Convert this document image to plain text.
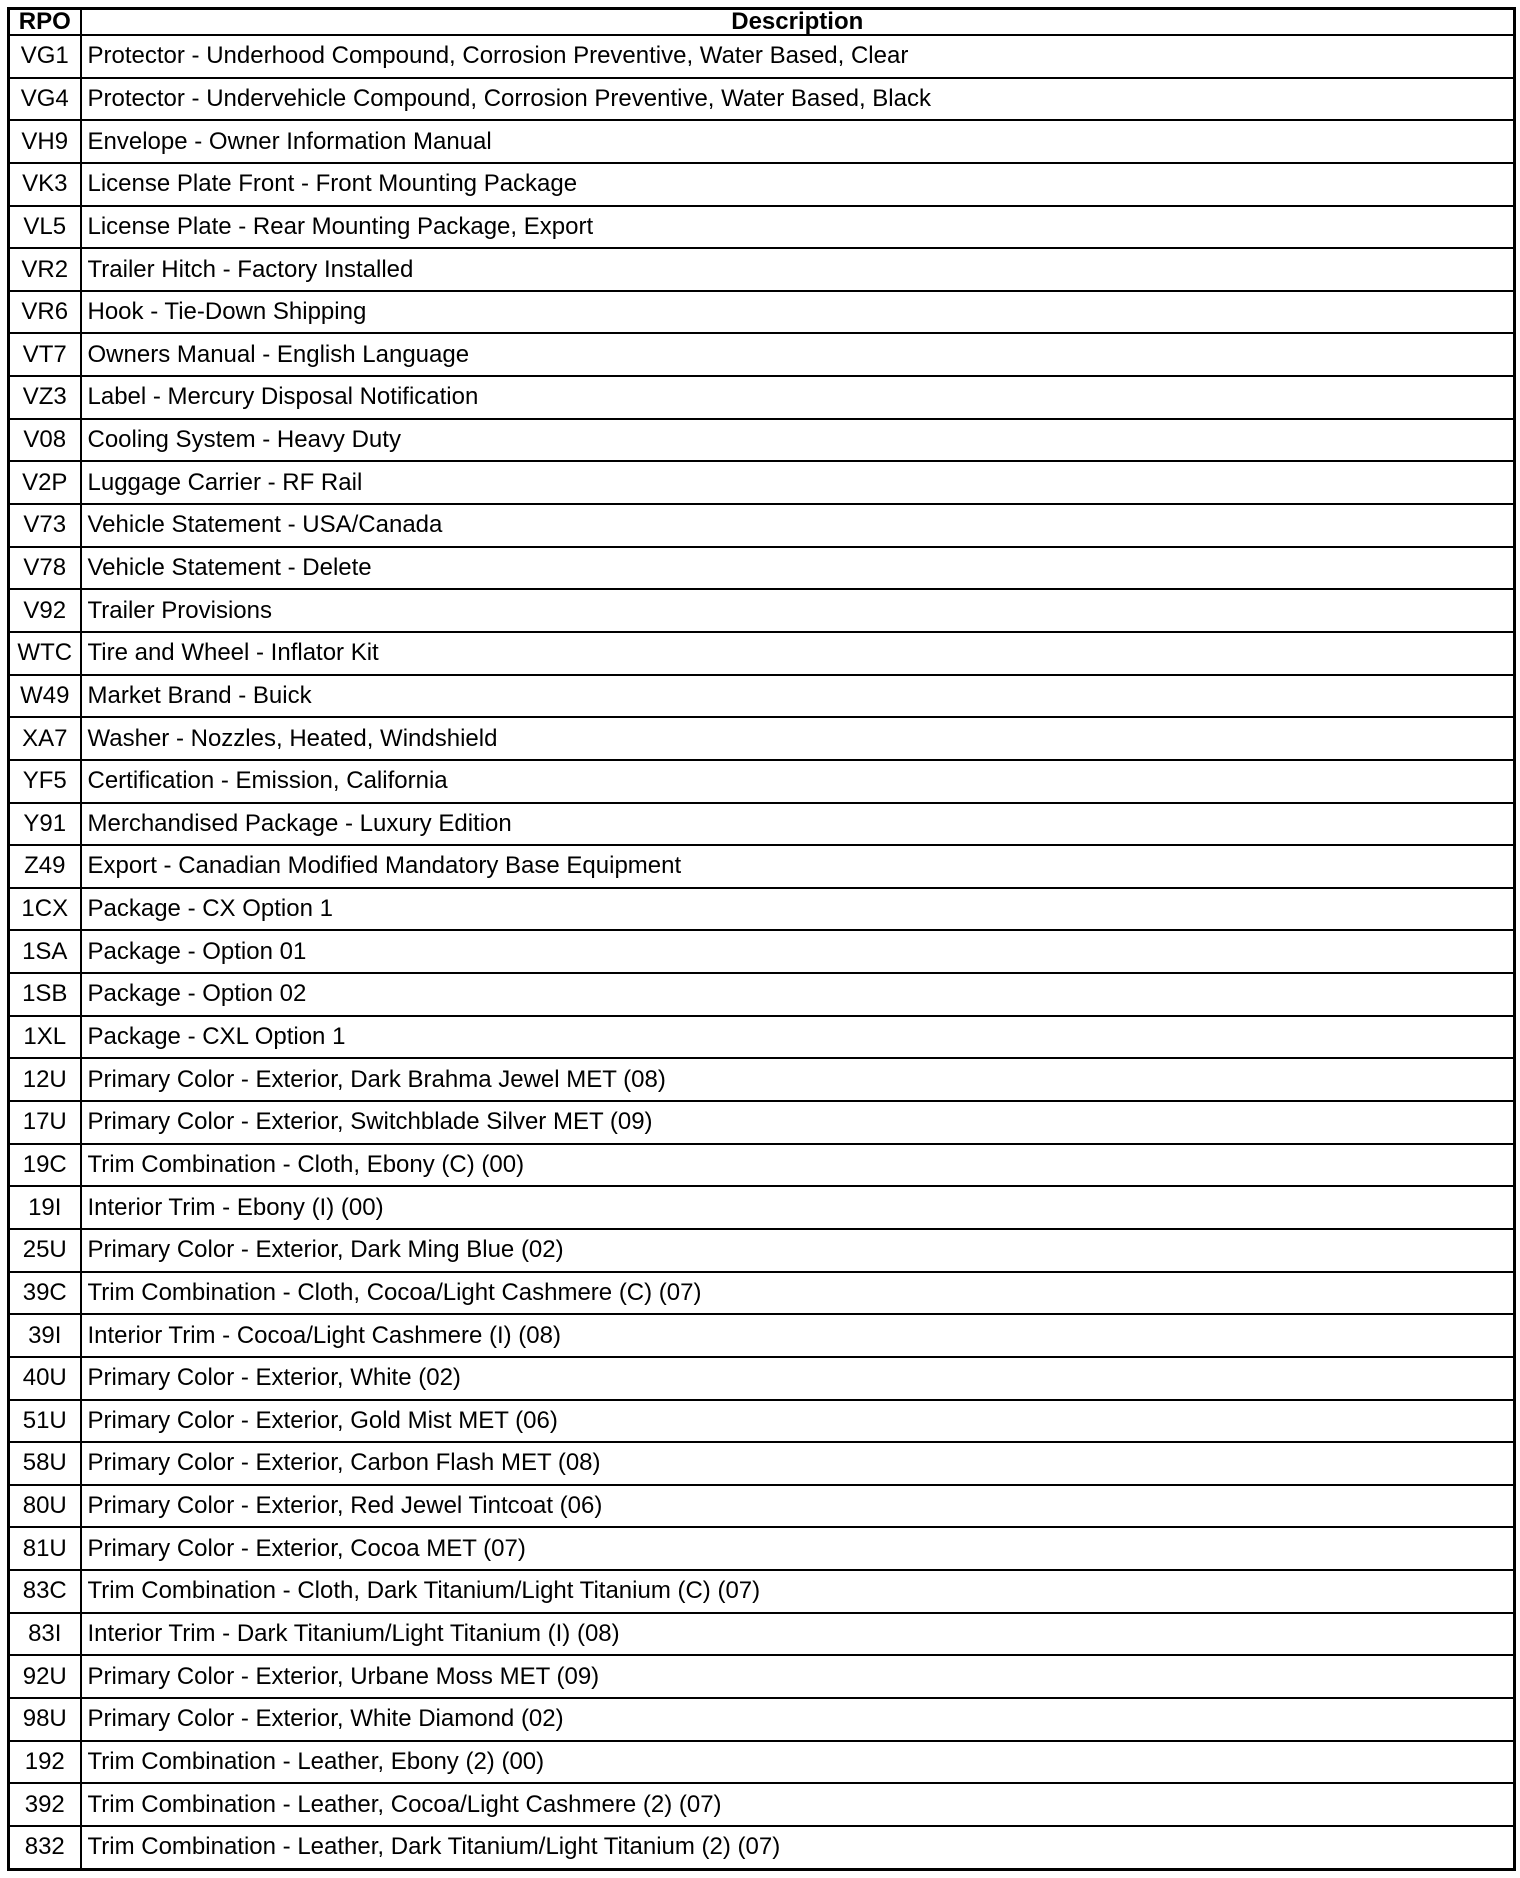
RPO	Description
VG1	Protector - Underhood Compound, Corrosion Preventive, Water Based, Clear
VG4	Protector - Undervehicle Compound, Corrosion Preventive, Water Based, Black
VH9	Envelope - Owner Information Manual
VK3	License Plate Front - Front Mounting Package
VL5	License Plate - Rear Mounting Package, Export
VR2	Trailer Hitch - Factory Installed
VR6	Hook - Tie-Down Shipping
VT7	Owners Manual - English Language
VZ3	Label - Mercury Disposal Notification
V08	Cooling System - Heavy Duty
V2P	Luggage Carrier - RF Rail
V73	Vehicle Statement - USA/Canada
V78	Vehicle Statement - Delete
V92	Trailer Provisions
WTC	Tire and Wheel - Inflator Kit
W49	Market Brand - Buick
XA7	Washer - Nozzles, Heated, Windshield
YF5	Certification - Emission, California
Y91	Merchandised Package - Luxury Edition
Z49	Export - Canadian Modified Mandatory Base Equipment
1CX	Package - CX Option 1
1SA	Package - Option 01
1SB	Package - Option 02
1XL	Package - CXL Option 1
12U	Primary Color - Exterior, Dark Brahma Jewel MET (08)
17U	Primary Color - Exterior, Switchblade Silver MET (09)
19C	Trim Combination - Cloth, Ebony (C) (00)
19I	Interior Trim - Ebony (I) (00)
25U	Primary Color - Exterior, Dark Ming Blue (02)
39C	Trim Combination - Cloth, Cocoa/Light Cashmere (C) (07)
39I	Interior Trim - Cocoa/Light Cashmere (I) (08)
40U	Primary Color - Exterior, White (02)
51U	Primary Color - Exterior, Gold Mist MET (06)
58U	Primary Color - Exterior, Carbon Flash MET (08)
80U	Primary Color - Exterior, Red Jewel Tintcoat (06)
81U	Primary Color - Exterior, Cocoa MET (07)
83C	Trim Combination - Cloth, Dark Titanium/Light Titanium (C) (07)
83I	Interior Trim - Dark Titanium/Light Titanium (I) (08)
92U	Primary Color - Exterior, Urbane Moss MET (09)
98U	Primary Color - Exterior, White Diamond (02)
192	Trim Combination - Leather, Ebony (2) (00)
392	Trim Combination - Leather, Cocoa/Light Cashmere (2) (07)
832	Trim Combination - Leather, Dark Titanium/Light Titanium (2) (07)
